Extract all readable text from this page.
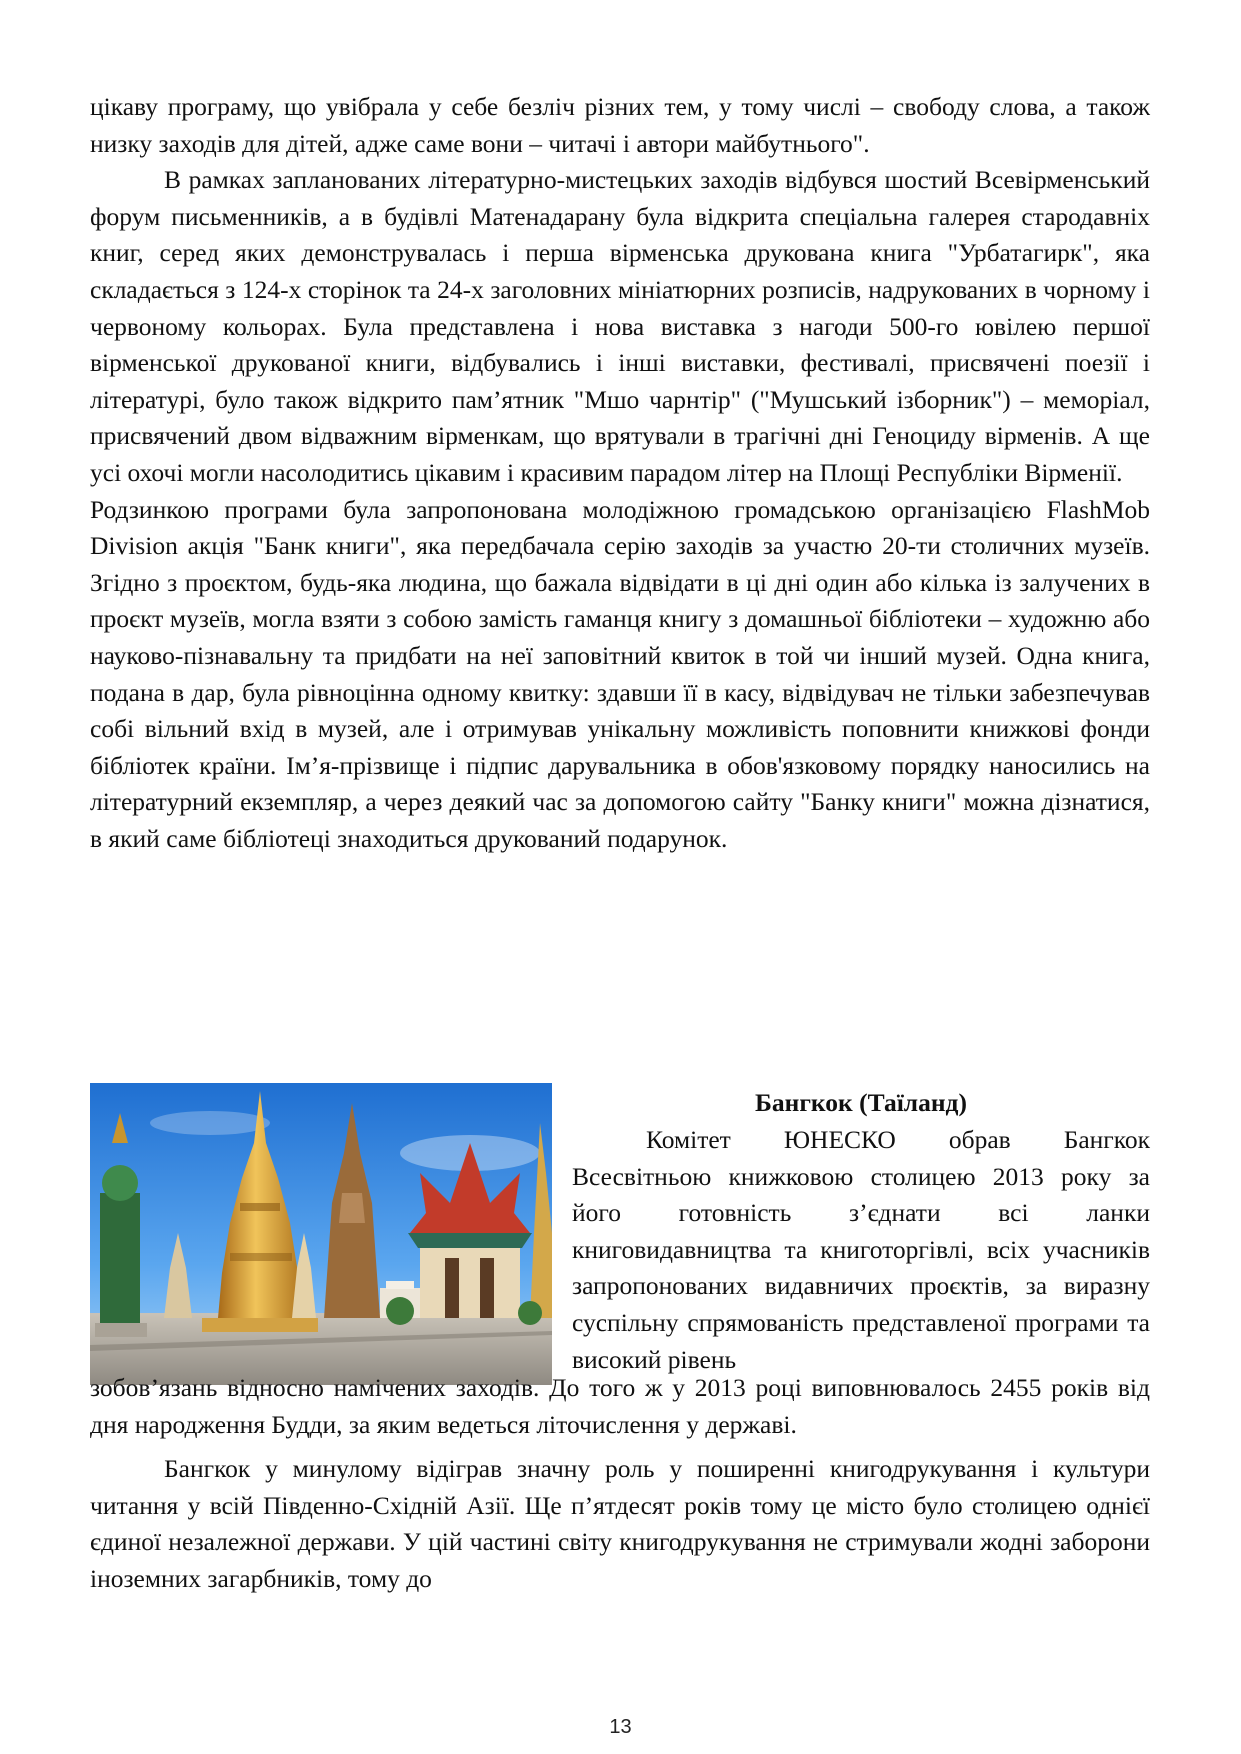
цікаву програму, що увібрала у себе безліч різних тем, у тому числі – свободу слова, а також низку заходів для дітей, адже саме вони – читачі і автори майбутнього".

В рамках запланованих літературно-мистецьких заходів відбувся шостий Всевірменський форум письменників, а в будівлі Матенадарану була відкрита спеціальна галерея стародавніх книг, серед яких демонструвалась і перша вірменська друкована книга "Урбатагирк", яка складається з 124-х сторінок та 24-х заголовних мініатюрних розписів, надрукованих в чорному і червоному кольорах. Була представлена і нова виставка з нагоди 500-го ювілею першої вірменської друкованої книги, відбувались і інші виставки, фестивалі, присвячені поезії і літературі, було також відкрито пам’ятник "Мшо чарнтір" ("Мушський ізборник") – меморіал, присвячений двом відважним вірменкам, що врятували в трагічні дні Геноциду вірменів. А ще усі охочі могли насолодитись цікавим і красивим парадом літер на Площі Республіки Вірменії.

Родзинкою програми була запропонована молодіжною громадською організацією FlashMob Division акція "Банк книги", яка передбачала серію заходів за участю 20-ти столичних музеїв. Згідно з проєктом, будь-яка людина, що бажала відвідати в ці дні один або кілька із залучених в проєкт музеїв, могла взяти з собою замість гаманця книгу з домашньої бібліотеки – художню або науково-пізнавальну та придбати на неї заповітний квиток в той чи інший музей. Одна книга, подана в дар, була рівноцінна одному квитку: здавши її в касу, відвідувач не тільки забезпечував собі вільний вхід в музей, але і отримував унікальну можливість поповнити книжкові фонди бібліотек країни. Ім’я-прізвище і підпис дарувальника в обов'язковому порядку наносились на літературний екземпляр, а через деякий час за допомогою сайту "Банку книги" можна дізнатися, в який саме бібліотеці знаходиться друкований подарунок.

Бангкок (Таїланд)

Комітет ЮНЕСКО обрав Бангкок Всесвітньою книжковою столицею 2013 року за його готовність з’єднати всі ланки книговидавництва та книготоргівлі, всіх учасників запропонованих видавничих проєктів, за виразну суспільну спрямованість представленої програми та високий рівень

зобов’язань відносно намічених заходів. До того ж у 2013 році виповнювалось 2455 років від дня народження Будди, за яким ведеться літочислення у державі.

Бангкок у минулому відіграв значну роль у поширенні книгодрукування і культури читання у всій Південно-Східній Азії. Ще п’ятдесят років тому це місто було столицею однієї єдиної незалежної держави. У цій частині світу книгодрукування не стримували жодні заборони іноземних загарбників, тому до

13
